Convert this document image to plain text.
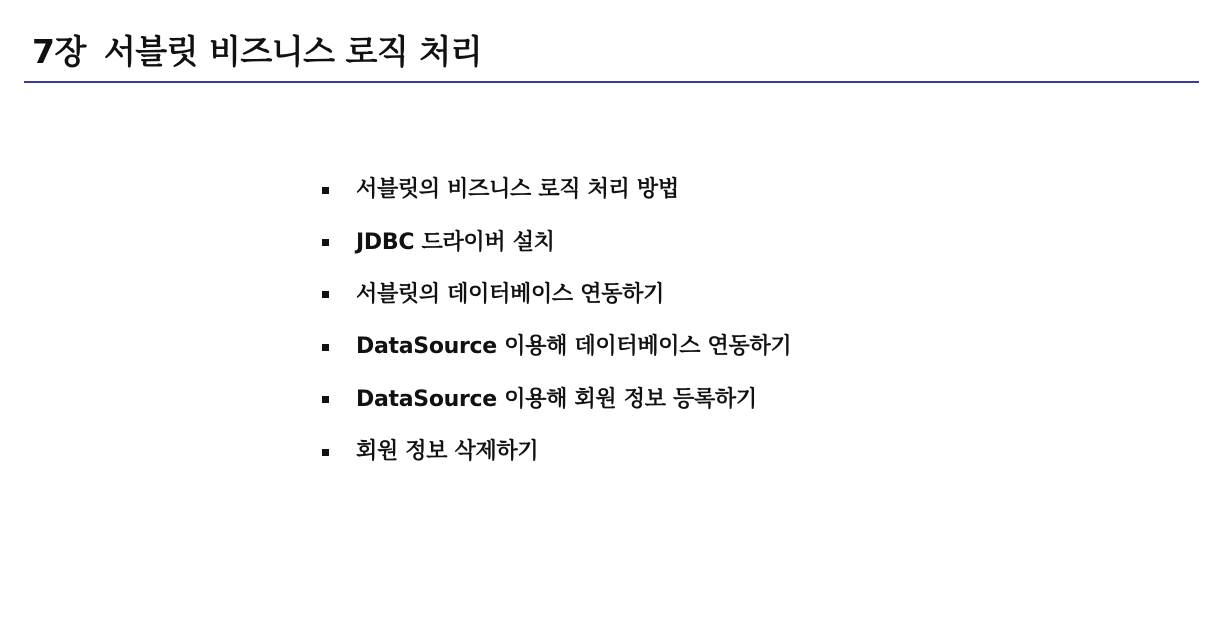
7장 서블릿 비즈니스 로직 처리
서블릿의 비즈니스 로직 처리 방법
JDBC 드라이버 설치
서블릿의 데이터베이스 연동하기
DataSource 이용해 데이터베이스 연동하기
DataSource 이용해 회원 정보 등록하기
회원 정보 삭제하기
